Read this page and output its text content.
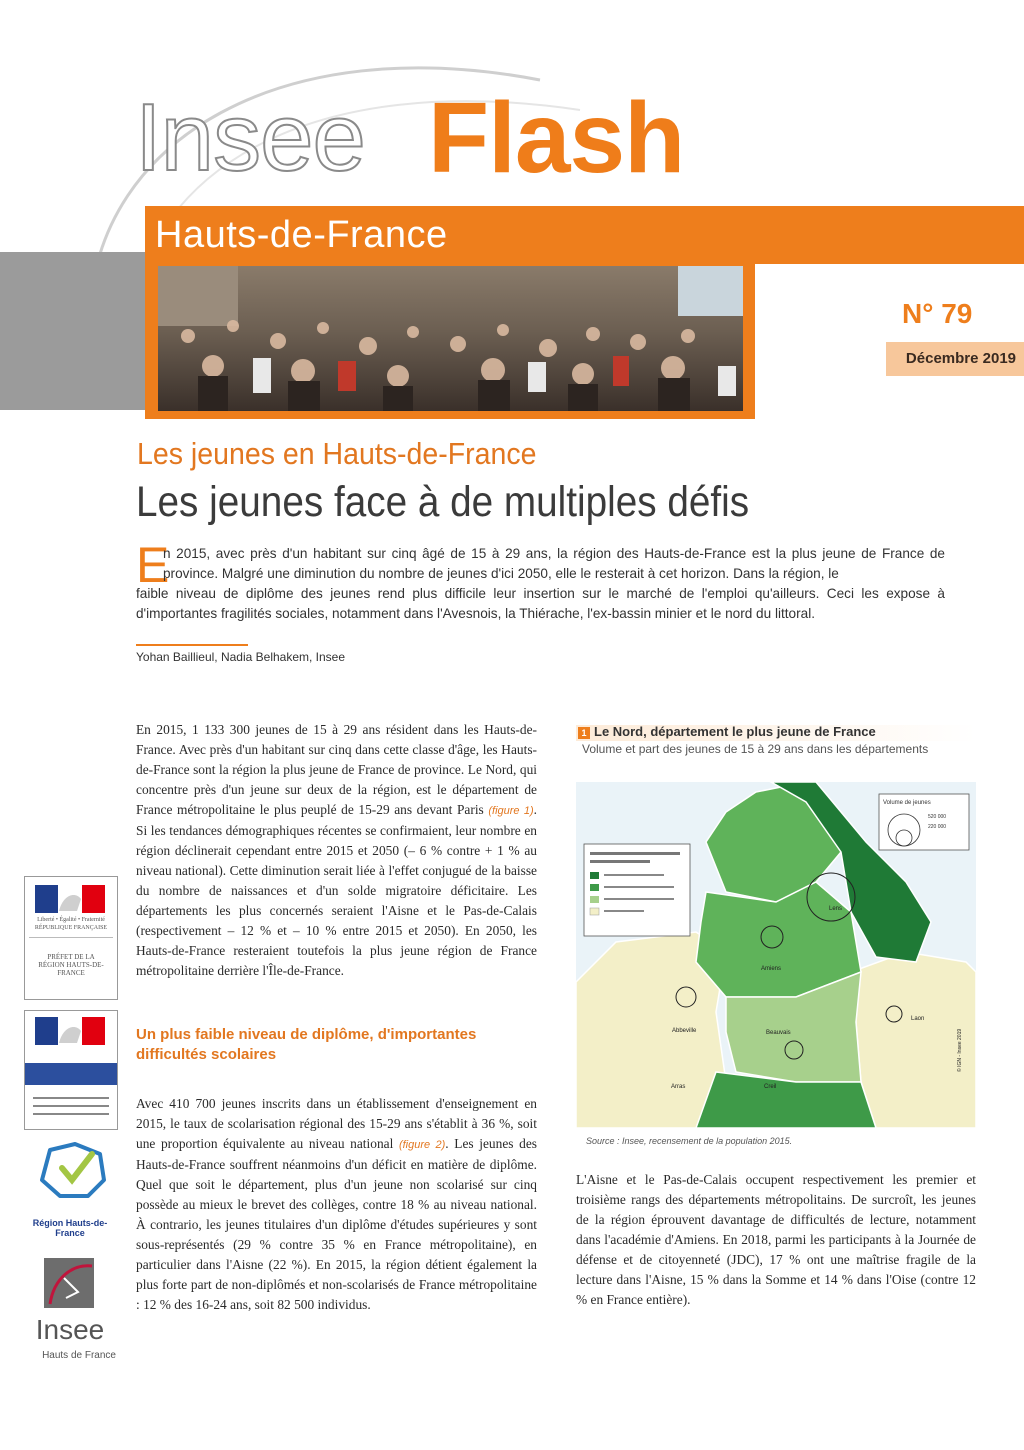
Insee Flash
Hauts-de-France
N° 79
Décembre 2019
Les jeunes en Hauts-de-France
Les jeunes face à de multiples défis
E
n 2015, avec près d'un habitant sur cinq âgé de 15 à 29 ans, la région des Hauts-de-France est la plus jeune de France de province. Malgré une diminution du nombre de jeunes d'ici 2050, elle le resterait à cet horizon. Dans la région, le
faible niveau de diplôme des jeunes rend plus difficile leur insertion sur le marché de l'emploi qu'ailleurs. Ceci les expose à d'importantes fragilités sociales, notamment dans l'Avesnois, la Thiérache, l'ex-bassin minier et le nord du littoral.
Yohan Baillieul, Nadia Belhakem, Insee
Liberté • Égalité • Fraternité
RÉPUBLIQUE FRANÇAISE
PRÉFET DE LA RÉGION HAUTS-DE-FRANCE
Région Hauts-de-France
Insee
Hauts de France
En 2015, 1 133 300 jeunes de 15 à 29 ans résident dans les Hauts-de-France. Avec près d'un habitant sur cinq dans cette classe d'âge, les Hauts-de-France sont la région la plus jeune de France de province. Le Nord, qui concentre près d'un jeune sur deux de la région, est le département de France métropolitaine le plus peuplé de 15-29 ans devant Paris (figure 1). Si les tendances démographiques récentes se confirmaient, leur nombre en région déclinerait cependant entre 2015 et 2050 (– 6 % contre + 1 % au niveau national). Cette diminution serait liée à l'effet conjugué de la baisse du nombre de naissances et d'un solde migratoire déficitaire. Les départements les plus concernés seraient l'Aisne et le Pas-de-Calais (respectivement – 12 % et – 10 % entre 2015 et 2050). En 2050, les Hauts-de-France resteraient toutefois la plus jeune région de France métropolitaine derrière l'Île-de-France.
Un plus faible niveau de diplôme, d'importantes difficultés scolaires
Avec 410 700 jeunes inscrits dans un établissement d'enseignement en 2015, le taux de scolarisation régional des 15-29 ans s'établit à 36 %, soit une proportion équivalente au niveau national (figure 2). Les jeunes des Hauts-de-France souffrent néanmoins d'un déficit en matière de diplôme. Quel que soit le département, plus d'un jeune non scolarisé sur cinq possède au mieux le brevet des collèges, contre 18 % au niveau national. À contrario, les jeunes titulaires d'un diplôme d'études supérieures y sont sous-représentés (29 % contre 35 % en France métropolitaine), en particulier dans l'Aisne (22 %). En 2015, la région détient également la plus forte part de non-diplômés et non-scolarisés de France métropolitaine : 12 % des 16-24 ans, soit 82 500 individus.
L'Aisne et le Pas-de-Calais occupent respectivement les premier et troisième rangs des départements métropolitains. De surcroît, les jeunes de la région éprouvent davantage de difficultés de lecture, notamment dans l'académie d'Amiens. En 2018, parmi les participants à la Journée de défense et de citoyenneté (JDC), 17 % ont une maîtrise fragile de la lecture dans l'Aisne, 15 % dans la Somme et 14 % dans l'Oise (contre 12 % en France entière).
1 Le Nord, département le plus jeune de France
Volume et part des jeunes de 15 à 29 ans dans les départements
Volume de jeunes
520 000
220 000
Lens
Amiens
Laon
Beauvais
Creil
Abbeville
Arras
© IGN - Insee 2019
Source : Insee, recensement de la population 2015.
